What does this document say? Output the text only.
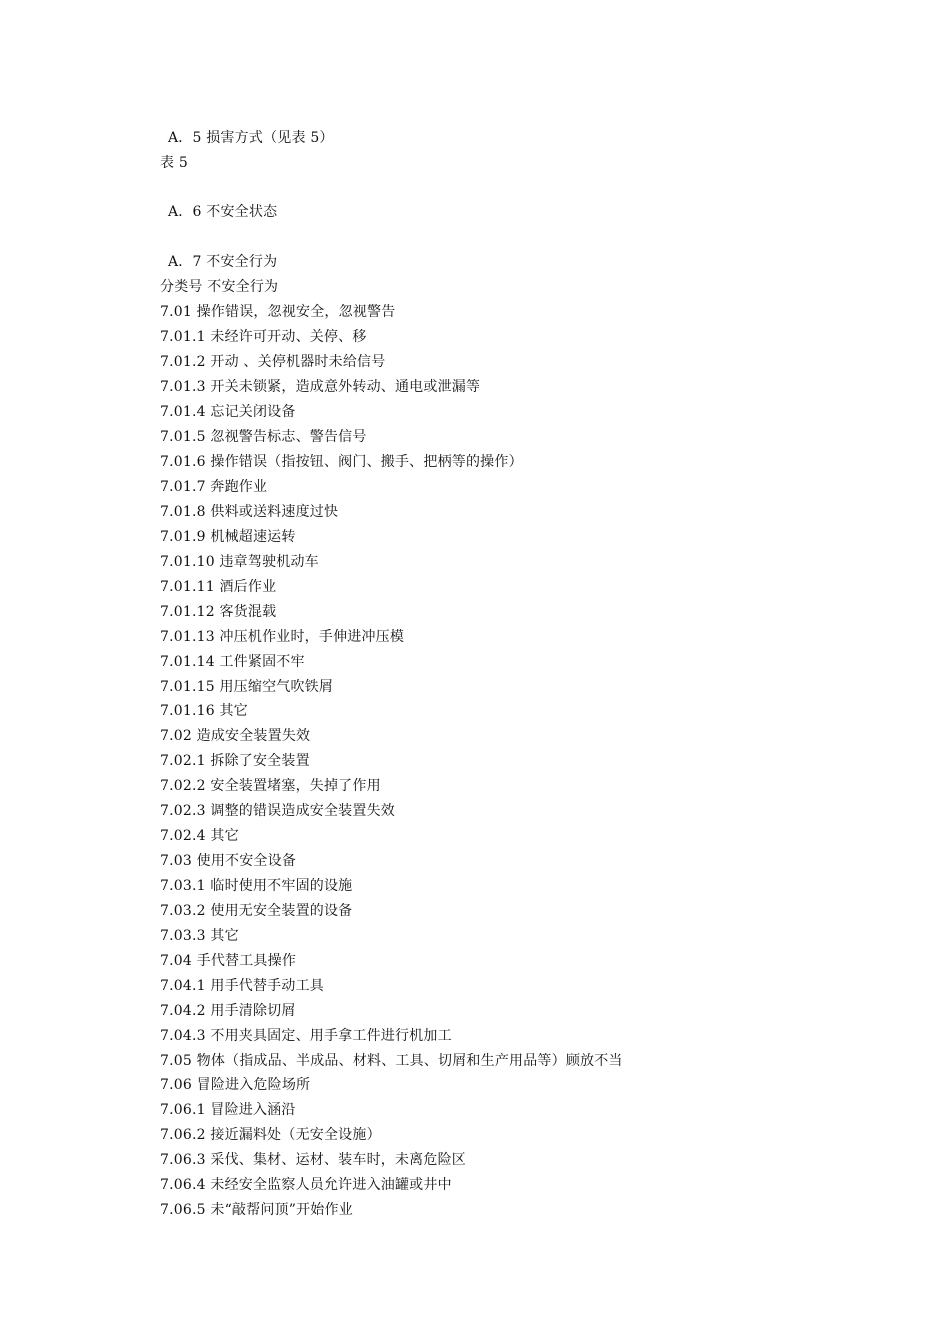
A．5 损害方式（见表 5）
表 5
A．6 不安全状态
A．7 不安全行为
分类号 不安全行为
7.01 操作错误，忽视安全，忽视警告
7.01.1 未经许可开动、关停、移
7.01.2 开动 、关停机器时未给信号
7.01.3 开关未锁紧，造成意外转动、通电或泄漏等
7.01.4 忘记关闭设备
7.01.5 忽视警告标志、警告信号
7.01.6 操作错误（指按钮、阀门、搬手、把柄等的操作）
7.01.7 奔跑作业
7.01.8 供料或送料速度过快
7.01.9 机械超速运转
7.01.10 违章驾驶机动车
7.01.11 酒后作业
7.01.12 客货混载
7.01.13 冲压机作业时，手伸进冲压模
7.01.14 工件紧固不牢
7.01.15 用压缩空气吹铁屑
7.01.16 其它
7.02 造成安全装置失效
7.02.1 拆除了安全装置
7.02.2 安全装置堵塞，失掉了作用
7.02.3 调整的错误造成安全装置失效
7.02.4 其它
7.03 使用不安全设备
7.03.1 临时使用不牢固的设施
7.03.2 使用无安全装置的设备
7.03.3 其它
7.04 手代替工具操作
7.04.1 用手代替手动工具
7.04.2 用手清除切屑
7.04.3 不用夹具固定、用手拿工件进行机加工
7.05 物体（指成品、半成品、材料、工具、切屑和生产用品等）顾放不当
7.06 冒险进入危险场所
7.06.1 冒险进入涵沿
7.06.2 接近漏料处（无安全设施）
7.06.3 采伐、集材、运材、装车时，未离危险区
7.06.4 未经安全监察人员允许进入油罐或井中
7.06.5 未“敲帮问顶”开始作业
